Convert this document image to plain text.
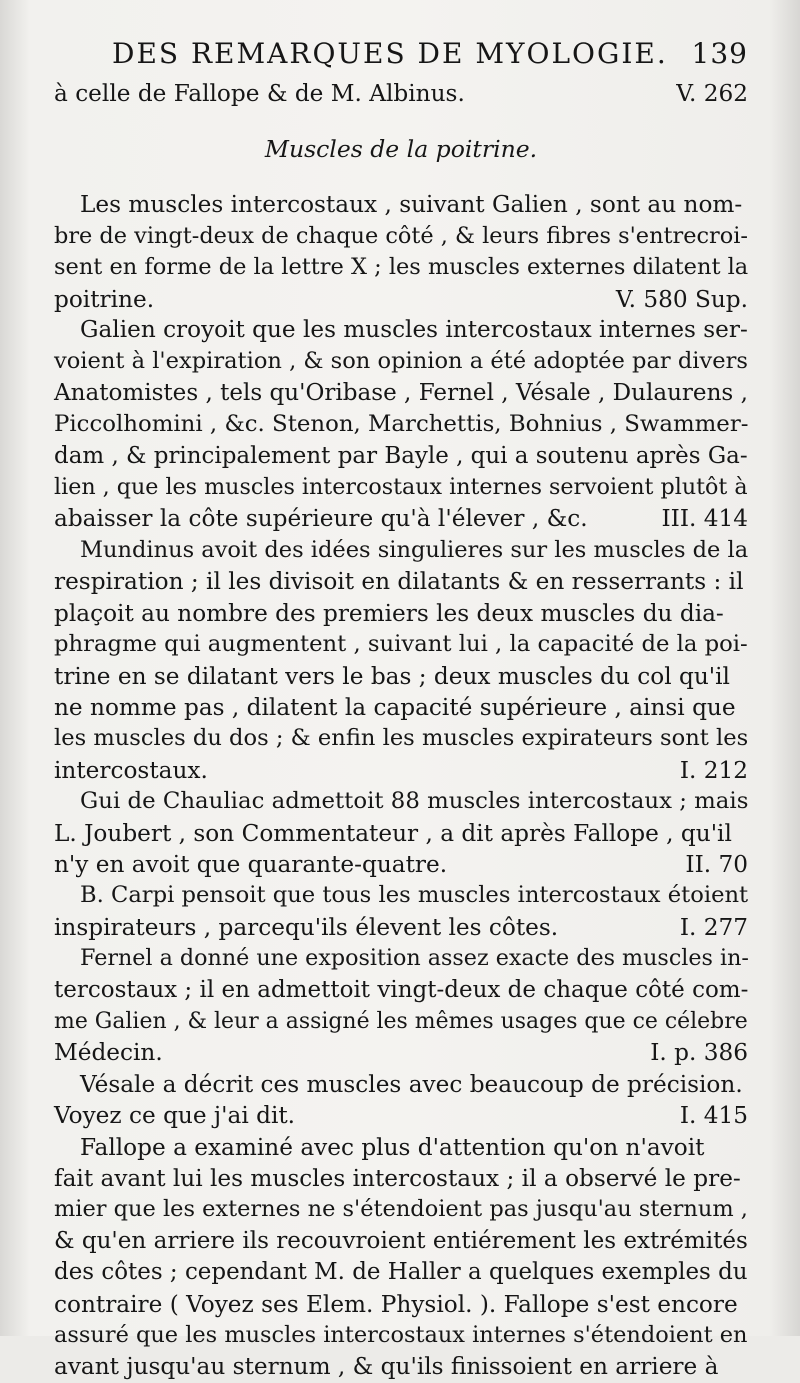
DES REMARQUES DE MYOLOGIE. 139
à celle de Fallope & de M. Albinus.	V. 262
Muscles de la poitrine.
Les muscles intercostaux , suivant Galien , sont au nom-
bre de vingt-deux de chaque côté , & leurs fibres s'entrecroi-
sent en forme de la lettre X ; les muscles externes dilatent la
poitrine.	V. 580 Sup.
Galien croyoit que les muscles intercostaux internes ser-
voient à l'expiration , & son opinion a été adoptée par divers
Anatomistes , tels qu'Oribase , Fernel , Vésale , Dulaurens ,
Piccolhomini , &c. Stenon, Marchettis, Bohnius , Swammer-
dam , & principalement par Bayle , qui a soutenu après Ga-
lien , que les muscles intercostaux internes servoient plutôt à
abaisser la côte supérieure qu'à l'élever , &c.	III. 414
Mundinus avoit des idées singulieres sur les muscles de la
respiration ; il les divisoit en dilatants & en resserrants : il
plaçoit au nombre des premiers les deux muscles du dia-
phragme qui augmentent , suivant lui , la capacité de la poi-
trine en se dilatant vers le bas ; deux muscles du col qu'il
ne nomme pas , dilatent la capacité supérieure , ainsi que
les muscles du dos ; & enfin les muscles expirateurs sont les
intercostaux.	I. 212
Gui de Chauliac admettoit 88 muscles intercostaux ; mais
L. Joubert , son Commentateur , a dit après Fallope , qu'il
n'y en avoit que quarante-quatre.	II. 70
B. Carpi pensoit que tous les muscles intercostaux étoient
inspirateurs , parcequ'ils élevent les côtes.	I. 277
Fernel a donné une exposition assez exacte des muscles in-
tercostaux ; il en admettoit vingt-deux de chaque côté com-
me Galien , & leur a assigné les mêmes usages que ce célebre
Médecin.	I. p. 386
Vésale a décrit ces muscles avec beaucoup de précision.
Voyez ce que j'ai dit.	I. 415
Fallope a examiné avec plus d'attention qu'on n'avoit
fait avant lui les muscles intercostaux ; il a observé le pre-
mier que les externes ne s'étendoient pas jusqu'au sternum ,
& qu'en arriere ils recouvroient entiérement les extrémités
des côtes ; cependant M. de Haller a quelques exemples du
contraire ( Voyez ses Elem. Physiol. ). Fallope s'est encore
assuré que les muscles intercostaux internes s'étendoient en
avant jusqu'au sternum , & qu'ils finissoient en arriere à
